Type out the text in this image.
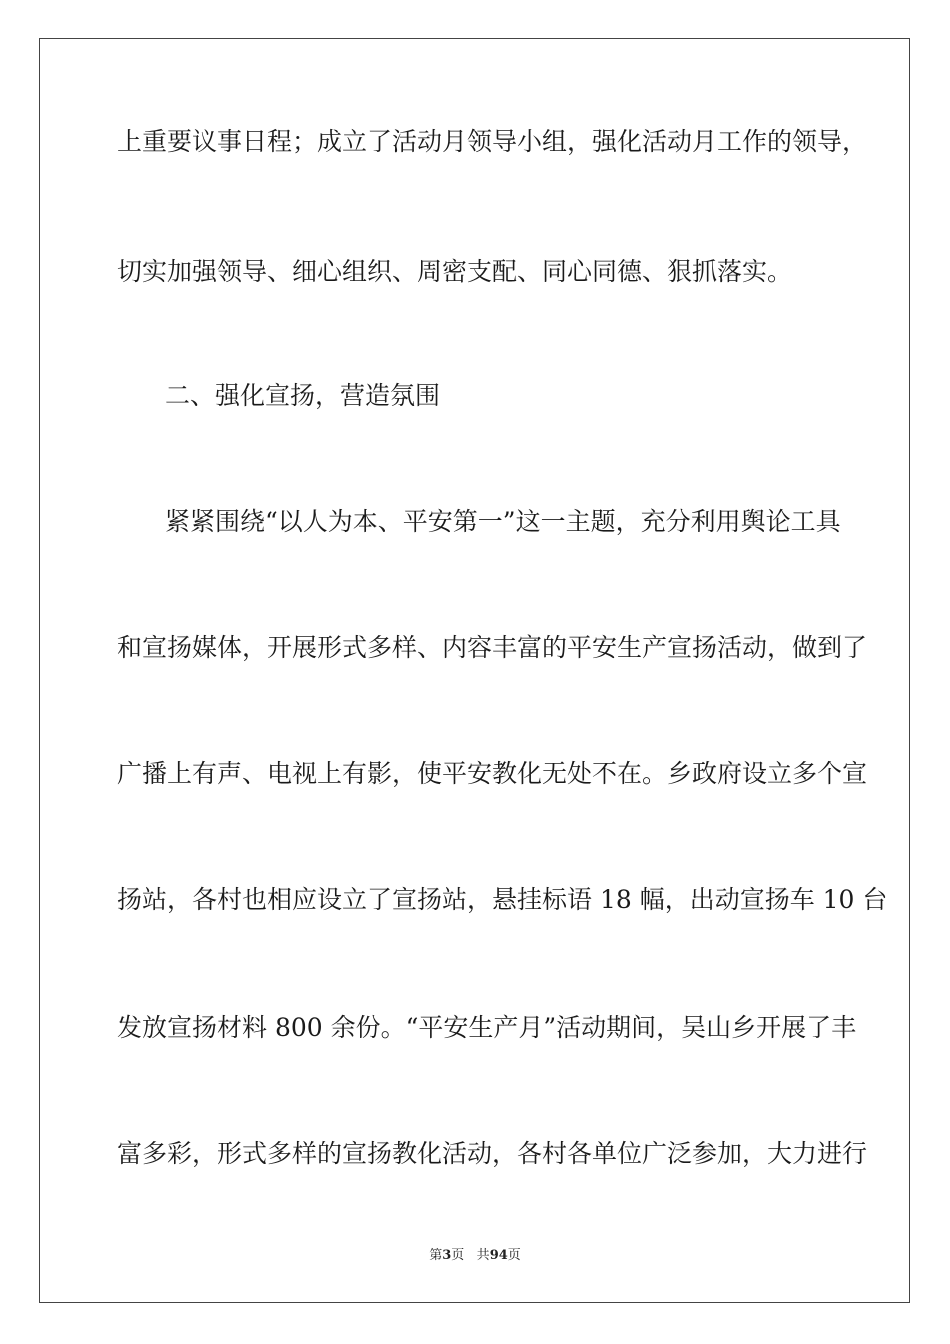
上重要议事日程；成立了活动月领导小组，强化活动月工作的领导，
切实加强领导、细心组织、周密支配、同心同德、狠抓落实。
二、强化宣扬，营造氛围
紧紧围绕“以人为本、平安第一”这一主题，充分利用舆论工具
和宣扬媒体，开展形式多样、内容丰富的平安生产宣扬活动，做到了
广播上有声、电视上有影，使平安教化无处不在。乡政府设立多个宣
扬站，各村也相应设立了宣扬站，悬挂标语 18 幅，出动宣扬车 10 台
发放宣扬材料 800 余份。“平安生产月”活动期间，吴山乡开展了丰
富多彩，形式多样的宣扬教化活动，各村各单位广泛参加，大力进行
第3页 共94页
